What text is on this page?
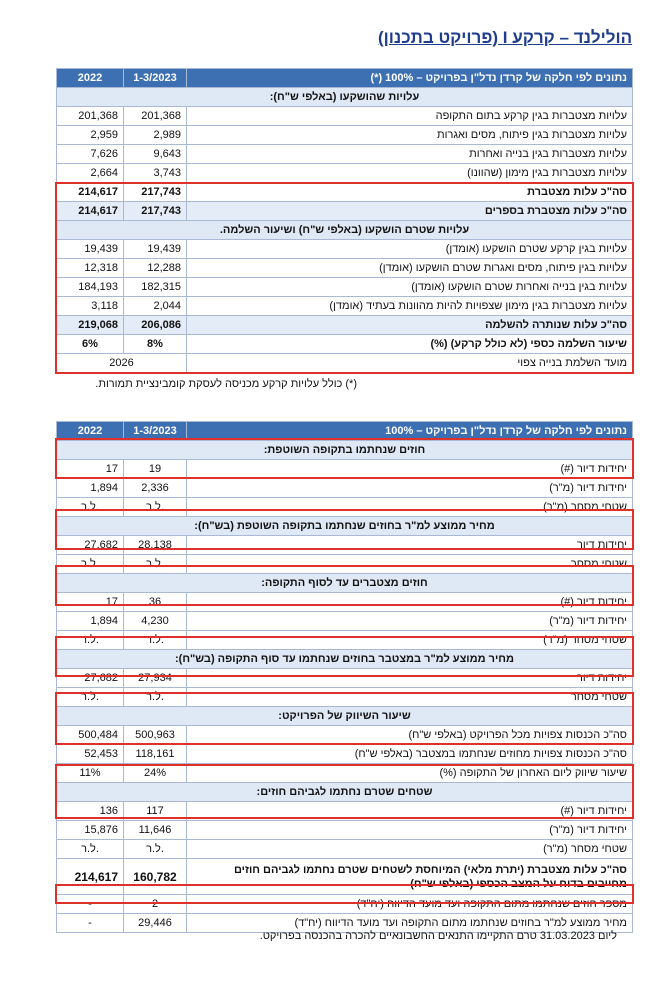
הולילנד – קרקע I (פרויקט בתכנון)
2022	1-3/2023	נתונים לפי חלקה של קרדן נדל"ן בפרויקט – 100% (*)
עלויות שהושקעו (באלפי ש"ח):		
201,368	201,368	עלויות מצטברות בגין קרקע בתום התקופה
2,959	2,989	עלויות מצטברות בגין פיתוח, מסים ואגרות
7,626	9,643	עלויות מצטברות בגין בנייה ואחרות
2,664	3,743	עלויות מצטברות בגין מימון (שהוונו)
214,617	217,743	סה"כ עלות מצטברת
214,617	217,743	סה"כ עלות מצטברת בספרים
עלויות שטרם הושקעו (באלפי ש"ח) ושיעור השלמה.		
19,439	19,439	עלויות בגין קרקע שטרם הושקעו (אומדן)
12,318	12,288	עלויות בגין פיתוח, מסים ואגרות שטרם הושקעו (אומדן)
184,193	182,315	עלויות בגין בנייה ואחרות שטרם הושקעו (אומדן)
3,118	2,044	עלויות מצטברות בגין מימון שצפויות להיות מהוונות בעתיד (אומדן)
219,068	206,086	סה"כ עלות שנותרה להשלמה
6%	8%	שיעור השלמה כספי (לא כולל קרקע) (%)
2026		מועד השלמת בנייה צפוי
(*) כולל עלויות קרקע מכניסה לעסקת קומבינציית תמורות.
2022	1-3/2023	נתונים לפי חלקה של קרדן נדל"ן בפרויקט – 100%
חוזים שנחתמו בתקופה השוטפת:		
17	19	יחידות דיור (#)
1,894	2,336	יחידות דיור (מ"ר)
ל.ר.	ל.ר.	שטחי מסחר (מ"ר)
מחיר ממוצע למ"ר בחוזים שנחתמו בתקופה השוטפת (בש"ח):		
27,682	28,138	יחידות דיור
ל.ר.	ל.ר.	שטחי מסחר
חוזים מצטברים עד לסוף התקופה:		
17	36	יחידות דיור (#)
1,894	4,230	יחידות דיור (מ"ר)
ל.ר.	ל.ר.	שטחי מסחר (מ"ר)
מחיר ממוצע למ"ר במצטבר בחוזים שנחתמו עד סוף התקופה (בש"ח):		
27,682	27,934	יחידות דיור
ל.ר.	ל.ר.	שטחי מסחר
שיעור השיווק של הפרויקט:		
500,484	500,963	סה"כ הכנסות צפויות מכל הפרויקט (באלפי ש"ח)
52,453	118,161	סה"כ הכנסות צפויות מחוזים שנחתמו במצטבר (באלפי ש"ח)
11%	24%	שיעור שיווק ליום האחרון של התקופה (%)
שטחים שטרם נחתמו לגביהם חוזים:		
136	117	יחידות דיור (#)
15,876	11,646	יחידות דיור (מ"ר)
ל.ר.	ל.ר.	שטחי מסחר (מ"ר)
214,617	160,782	סה"כ עלות מצטברת (יתרת מלאי) המיוחסת לשטחים שטרם נחתמו לגביהם חוזים מחייבים בדוח על המצב הכספי (באלפי ש"ח)
-	2	מספר חוזים שנחתמו מתום התקופה ועד מועד הדיווח (יח"ד)
-	29,446	מחיר ממוצע למ"ר בחוזים שנחתמו מתום התקופה ועד מועד הדיווח (יח"ד)
ליום 31.03.2023 טרם התקיימו התנאים החשבונאיים להכרה בהכנסה בפרויקט.
